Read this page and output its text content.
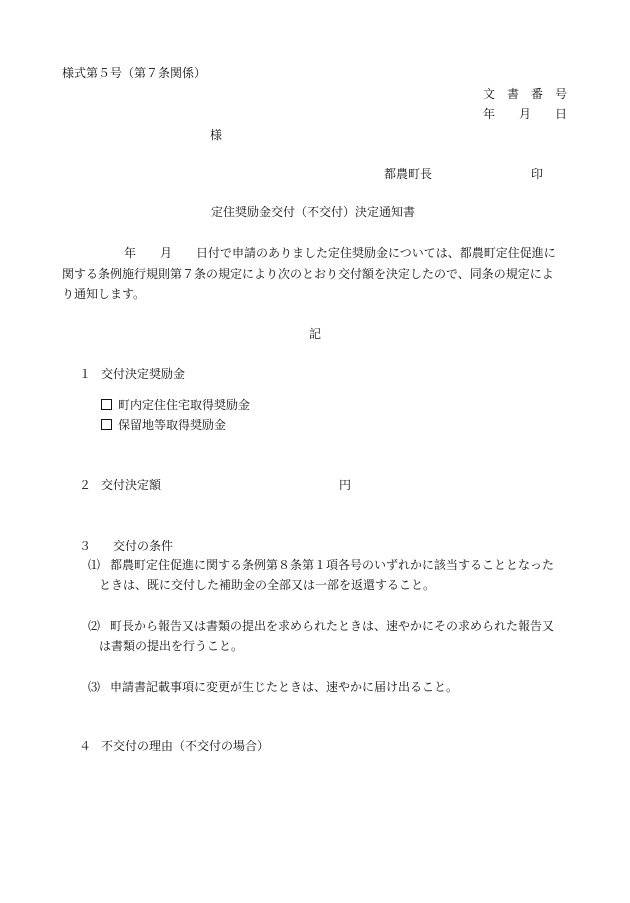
様式第５号（第７条関係）
文書番号
年 月 日
様
都農町長	印
定住奨励金交付（不交付）決定通知書
年 月 日付で申請のありました定住奨励金については、都農町定住促進に
関する条例施行規則第７条の規定により次のとおり交付額を決定したので、同条の規定によ
り通知します。
記
１ 交付決定奨励金
町内定住住宅取得奨励金
保留地等取得奨励金
２ 交付決定額	円
３ 交付の条件
⑴ 都農町定住促進に関する条例第８条第１項各号のいずれかに該当することとなった
ときは、既に交付した補助金の全部又は一部を返還すること。
⑵ 町長から報告又は書類の提出を求められたときは、速やかにその求められた報告又
は書類の提出を行うこと。
⑶ 申請書記載事項に変更が生じたときは、速やかに届け出ること。
４ 不交付の理由（不交付の場合）
